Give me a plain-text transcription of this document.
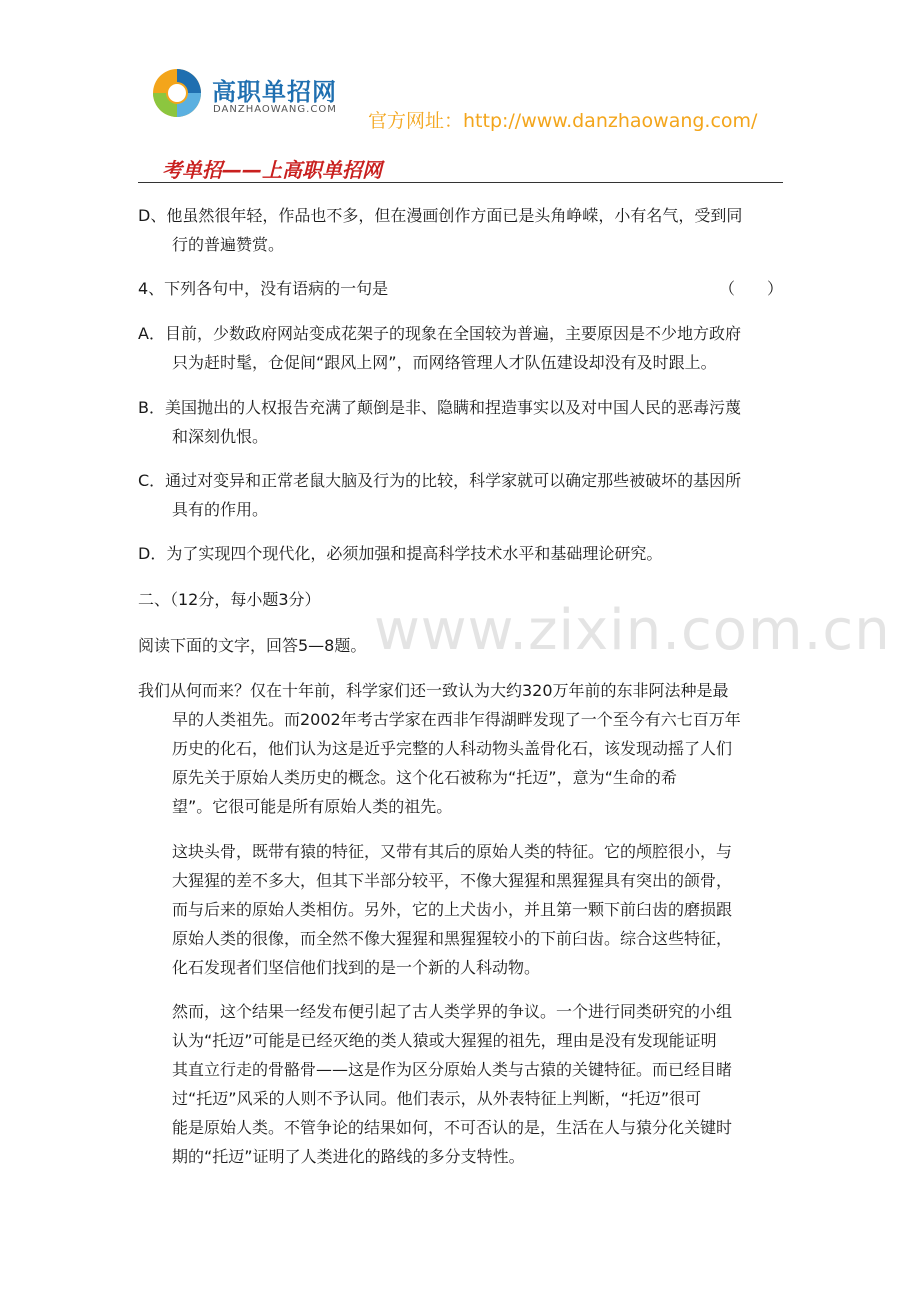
高职单招网
DANZHAOWANG.COM
官方网址：http://www.danzhaowang.com/
考单招——上高职单招网
www.zixin.com.cn
D、他虽然很年轻，作品也不多，但在漫画创作方面已是头角峥嵘，小有名气，受到同
行的普遍赞赏。
4、下列各句中，没有语病的一句是	（　　）
A．目前，少数政府网站变成花架子的现象在全国较为普遍，主要原因是不少地方政府
只为赶时髦，仓促间“跟风上网”，而网络管理人才队伍建设却没有及时跟上。
B．美国抛出的人权报告充满了颠倒是非、隐瞒和捏造事实以及对中国人民的恶毒污蔑
和深刻仇恨。
C．通过对变异和正常老鼠大脑及行为的比较，科学家就可以确定那些被破坏的基因所
具有的作用。
D．为了实现四个现代化，必须加强和提高科学技术水平和基础理论研究。
二、（12分，每小题3分）
阅读下面的文字，回答5—8题。
我们从何而来？仅在十年前，科学家们还一致认为大约320万年前的东非阿法种是最
早的人类祖先。而2002年考古学家在西非乍得湖畔发现了一个至今有六七百万年
历史的化石，他们认为这是近乎完整的人科动物头盖骨化石，该发现动摇了人们
原先关于原始人类历史的概念。这个化石被称为“托迈”，意为“生命的希
望”。它很可能是所有原始人类的祖先。
这块头骨，既带有猿的特征，又带有其后的原始人类的特征。它的颅腔很小，与
大猩猩的差不多大，但其下半部分较平，不像大猩猩和黑猩猩具有突出的颌骨，
而与后来的原始人类相仿。另外，它的上犬齿小，并且第一颗下前臼齿的磨损跟
原始人类的很像，而全然不像大猩猩和黑猩猩较小的下前臼齿。综合这些特征，
化石发现者们坚信他们找到的是一个新的人科动物。
然而，这个结果一经发布便引起了古人类学界的争议。一个进行同类研究的小组
认为“托迈”可能是已经灭绝的类人猿或大猩猩的祖先，理由是没有发现能证明
其直立行走的骨骼骨——这是作为区分原始人类与古猿的关键特征。而已经目睹
过“托迈”风采的人则不予认同。他们表示，从外表特征上判断，“托迈”很可
能是原始人类。不管争论的结果如何，不可否认的是，生活在人与猿分化关键时
期的“托迈”证明了人类进化的路线的多分支特性。
